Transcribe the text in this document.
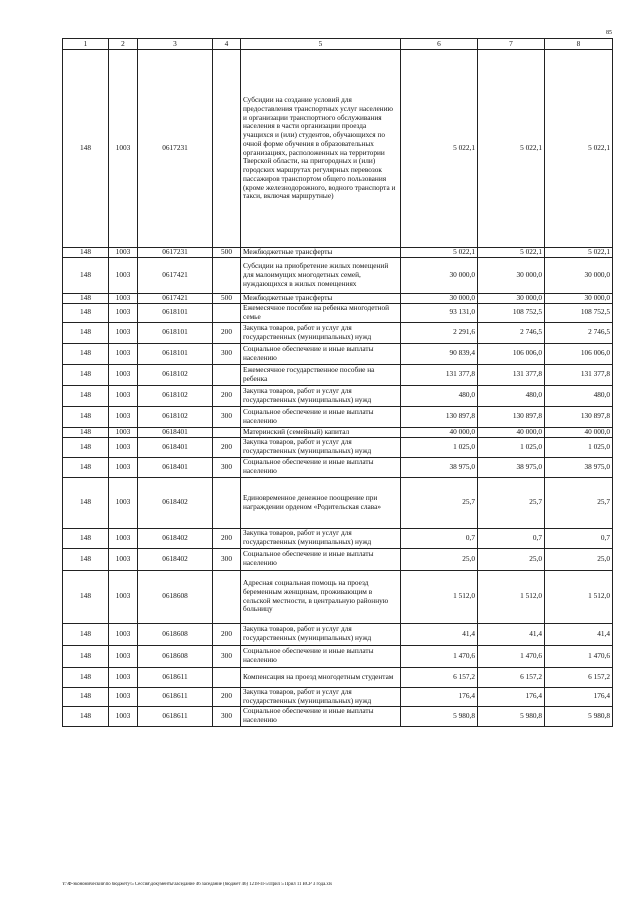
85
1	2	3	4	5	6	7	8
148	1003	0617231		Субсидии на создание условий для предоставления транспортных услуг населению и организации транспортного обслуживания населения в части организации проезда учащихся и (или) студентов, обучающихся по очной форме обучения в образовательных организациях, расположенных на территории Тверской области, на пригородных и (или) городских маршрутах регулярных перевозок пассажиров транспортом общего пользования (кроме железнодорожного, водного транспорта и такси, включая маршрутные)	5 022,1	5 022,1	5 022,1
148	1003	0617231	500	Межбюджетные трансферты	5 022,1	5 022,1	5 022,1
148	1003	0617421		Субсидии на приобретение жилых помещений для малоимущих многодетных семей, нуждающихся в жилых помещениях	30 000,0	30 000,0	30 000,0
148	1003	0617421	500	Межбюджетные трансферты	30 000,0	30 000,0	30 000,0
148	1003	0618101		Ежемесячное пособие на ребенка многодетной семье	93 131,0	108 752,5	108 752,5
148	1003	0618101	200	Закупка товаров, работ и услуг для государственных (муниципальных) нужд	2 291,6	2 746,5	2 746,5
148	1003	0618101	300	Социальное обеспечение и иные выплаты населению	90 839,4	106 006,0	106 006,0
148	1003	0618102		Ежемесячное государственное пособие на ребенка	131 377,8	131 377,8	131 377,8
148	1003	0618102	200	Закупка товаров, работ и услуг для государственных (муниципальных) нужд	480,0	480,0	480,0
148	1003	0618102	300	Социальное обеспечение и иные выплаты населению	130 897,8	130 897,8	130 897,8
148	1003	0618401		Материнский (семейный) капитал	40 000,0	40 000,0	40 000,0
148	1003	0618401	200	Закупка товаров, работ и услуг для государственных (муниципальных) нужд	1 025,0	1 025,0	1 025,0
148	1003	0618401	300	Социальное обеспечение и иные выплаты населению	38 975,0	38 975,0	38 975,0
148	1003	0618402		Единовременное денежное поощрение при награждении орденом «Родительская слава»	25,7	25,7	25,7
148	1003	0618402	200	Закупка товаров, работ и услуг для государственных (муниципальных) нужд	0,7	0,7	0,7
148	1003	0618402	300	Социальное обеспечение и иные выплаты населению	25,0	25,0	25,0
148	1003	0618608		Адресная социальная помощь на проезд беременным женщинам, проживающим в сельской местности, в центральную районную больницу	1 512,0	1 512,0	1 512,0
148	1003	0618608	200	Закупка товаров, работ и услуг для государственных (муниципальных) нужд	41,4	41,4	41,4
148	1003	0618608	300	Социальное обеспечение и иные выплаты населению	1 470,6	1 470,6	1 470,6
148	1003	0618611		Компенсация на проезд многодетным студентам	6 157,2	6 157,2	6 157,2
148	1003	0618611	200	Закупка товаров, работ и услуг для государственных (муниципальных) нужд	176,4	176,4	176,4
148	1003	0618611	300	Социальное обеспечение и иные выплаты населению	5 980,8	5 980,8	5 980,8
Y:\Ф-экономический\по бюджету\5 Сессия\документы\заседание 46 заседание (бюджет 46) 1218-П-5\Прил 5 Прил 11 ВСР 3 года.xls
